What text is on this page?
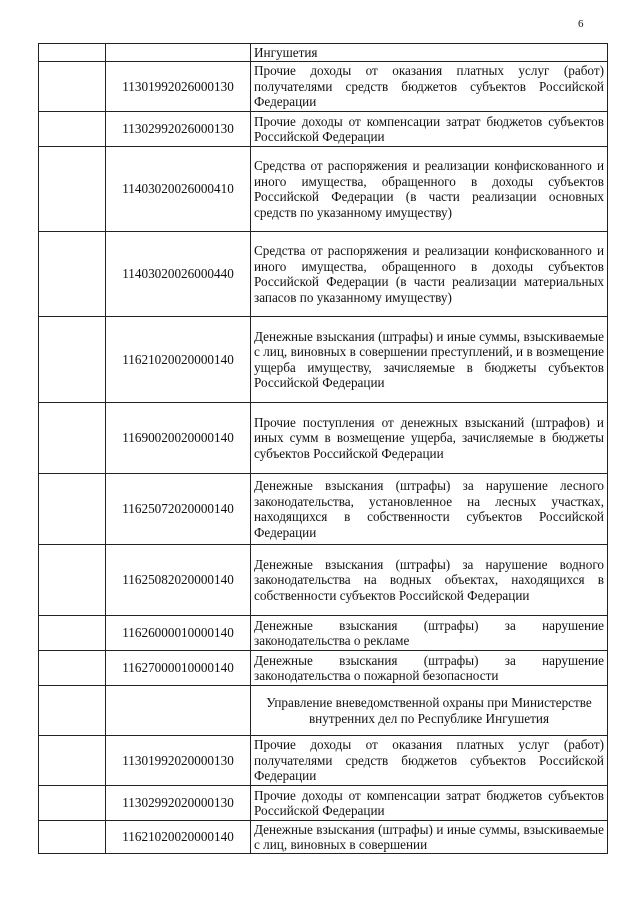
6
		Ингушетия
	11301992026000130	Прочие доходы от оказания платных услуг (работ) получателями средств бюджетов субъектов Российской Федерации
	11302992026000130	Прочие доходы от компенсации затрат бюджетов субъектов Российской Федерации
	11403020026000410	Средства от распоряжения и реализации конфискованного и иного имущества, обращенного в доходы субъектов Российской Федерации (в части реализации основных средств по указанному имуществу)
	11403020026000440	Средства от распоряжения и реализации конфискованного и иного имущества, обращенного в доходы субъектов Российской Федерации (в части реализации материальных запасов по указанному имуществу)
	11621020020000140	Денежные взыскания (штрафы) и иные суммы, взыскиваемые с лиц, виновных в совершении преступлений, и в возмещение ущерба имуществу, зачисляемые в бюджеты субъектов Российской Федерации
	11690020020000140	Прочие поступления от денежных взысканий (штрафов) и иных сумм в возмещение ущерба, зачисляемые в бюджеты субъектов Российской Федерации
	11625072020000140	Денежные взыскания (штрафы) за нарушение лесного законодательства, установленное на лесных участках, находящихся в собственности субъектов Российской Федерации
	11625082020000140	Денежные взыскания (штрафы) за нарушение водного законодательства на водных объектах, находящихся в собственности субъектов Российской Федерации
	11626000010000140	Денежные взыскания (штрафы) за нарушение законодательства о рекламе
	11627000010000140	Денежные взыскания (штрафы) за нарушение законодательства о пожарной безопасности
		Управление вневедомственной охраны при Министерстве внутренних дел по Республике Ингушетия
	11301992020000130	Прочие доходы от оказания платных услуг (работ) получателями средств бюджетов субъектов Российской Федерации
	11302992020000130	Прочие доходы от компенсации затрат бюджетов субъектов Российской Федерации
	11621020020000140	Денежные взыскания (штрафы) и иные суммы, взыскиваемые с лиц, виновных в совершении
